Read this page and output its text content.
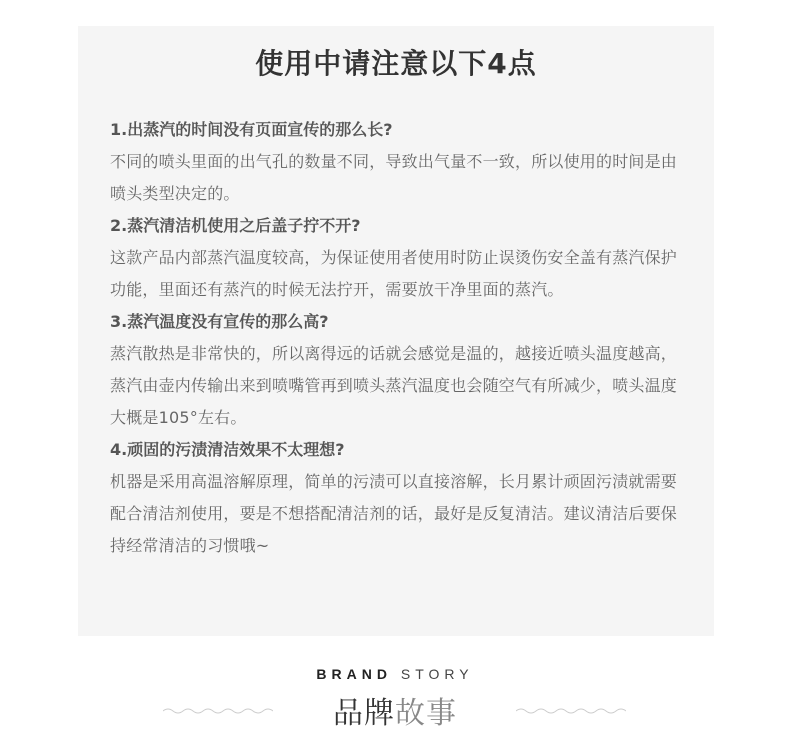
使用中请注意以下4点

1.出蒸汽的时间没有页面宣传的那么长?

不同的喷头里面的出气孔的数量不同，导致出气量不一致，所以使用的时间是由喷头类型决定的。

2.蒸汽清洁机使用之后盖子拧不开?

这款产品内部蒸汽温度较高，为保证使用者使用时防止误烫伤安全盖有蒸汽保护功能，里面还有蒸汽的时候无法拧开，需要放干净里面的蒸汽。

3.蒸汽温度没有宣传的那么高?

蒸汽散热是非常快的，所以离得远的话就会感觉是温的，越接近喷头温度越高，蒸汽由壶内传输出来到喷嘴管再到喷头蒸汽温度也会随空气有所减少，喷头温度大概是105°左右。

4.顽固的污渍清洁效果不太理想?

机器是采用高温溶解原理，简单的污渍可以直接溶解，长月累计顽固污渍就需要配合清洁剂使用，要是不想搭配清洁剂的话，最好是反复清洁。建议清洁后要保持经常清洁的习惯哦~

BRAND STORY
品牌故事
